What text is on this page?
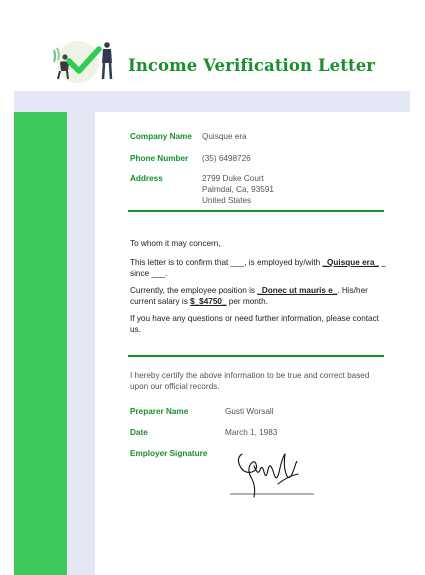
Income Verification Letter
Company Name Quisque era
Phone Number (35) 6498726
Address	2799 Duke Court
Palmdal, Ca, 93591
United States
To whom it may concern,
This letter is to confirm that ___, is employed by/with _Quisque era_ _ since ___.
Currently, the employee position is _Donec ut mauris e_. His/her current salary is $_$4750_ per month.
If you have any questions or need further information, please contact us.
I hereby certify the above information to be true and correct based upon our official records.
Preparer Name	Gusti Worsall
Date	March 1, 1983
Employer Signature
